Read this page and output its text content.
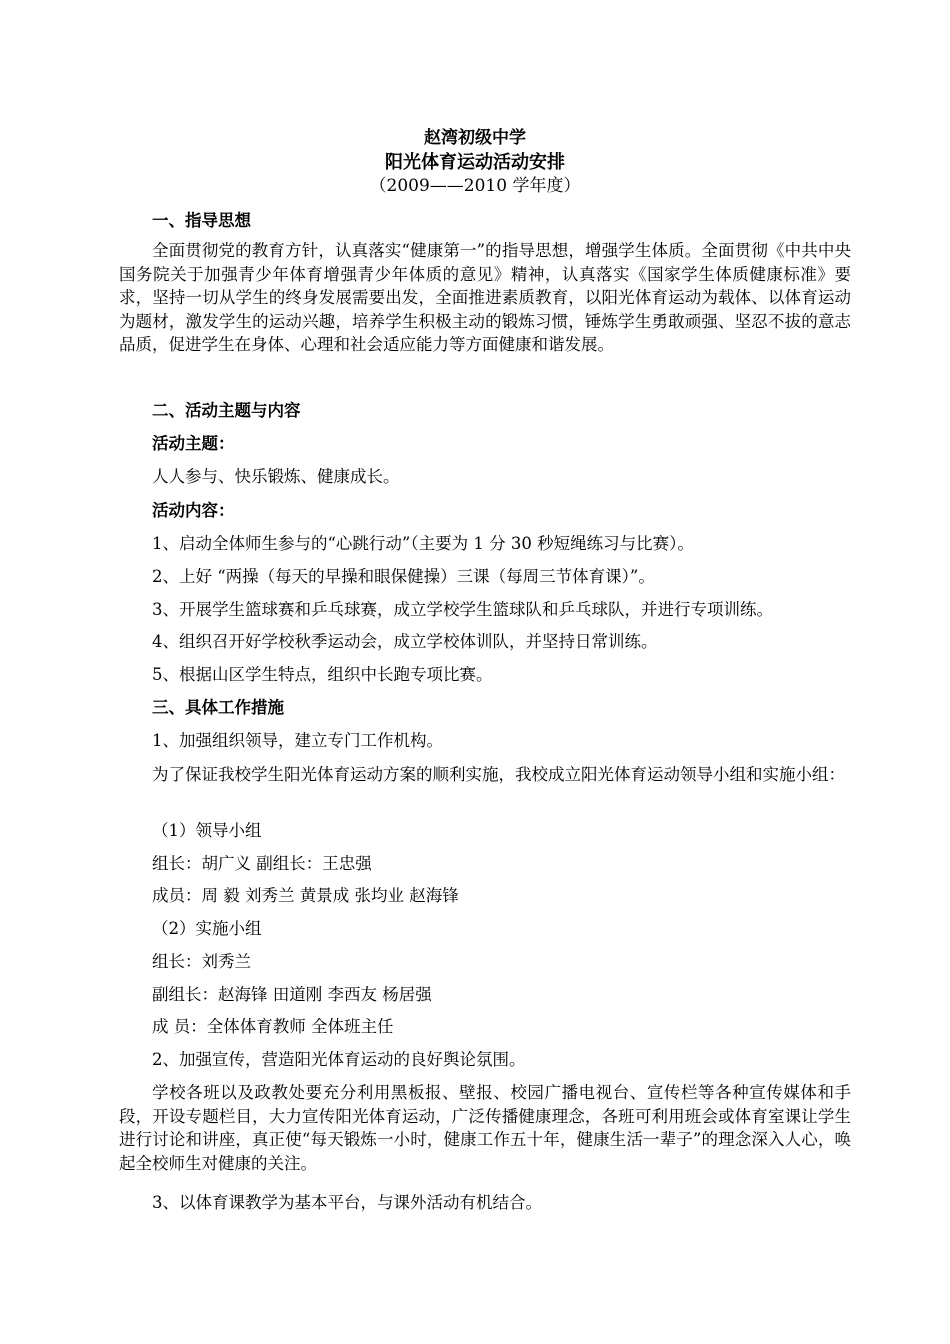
赵湾初级中学
阳光体育运动活动安排
（2009——2010 学年度）
一、指导思想
全面贯彻党的教育方针，认真落实“健康第一”的指导思想，增强学生体质。全面贯彻《中共中央国务院关于加强青少年体育增强青少年体质的意见》精神，认真落实《国家学生体质健康标准》要求，坚持一切从学生的终身发展需要出发，全面推进素质教育，以阳光体育运动为载体、以体育运动为题材，激发学生的运动兴趣，培养学生积极主动的锻炼习惯，锤炼学生勇敢顽强、坚忍不拔的意志品质，促进学生在身体、心理和社会适应能力等方面健康和谐发展。
二、活动主题与内容
活动主题：
人人参与、快乐锻炼、健康成长。
活动内容：
1、启动全体师生参与的“心跳行动”（主要为 1 分 30 秒短绳练习与比赛）。
2、上好 “两操（每天的早操和眼保健操）三课（每周三节体育课）”。
3、开展学生篮球赛和乒乓球赛，成立学校学生篮球队和乒乓球队，并进行专项训练。
4、组织召开好学校秋季运动会，成立学校体训队，并坚持日常训练。
5、根据山区学生特点，组织中长跑专项比赛。
三、具体工作措施
1、加强组织领导，建立专门工作机构。
为了保证我校学生阳光体育运动方案的顺利实施，我校成立阳光体育运动领导小组和实施小组：
（1）领导小组
组长：胡广义 副组长：王忠强
成员：周 毅 刘秀兰 黄景成 张均业 赵海锋
（2）实施小组
组长：刘秀兰
副组长：赵海锋 田道刚 李西友 杨居强
成 员：全体体育教师 全体班主任
2、加强宣传，营造阳光体育运动的良好舆论氛围。
学校各班以及政教处要充分利用黑板报、壁报、校园广播电视台、宣传栏等各种宣传媒体和手段，开设专题栏目，大力宣传阳光体育运动，广泛传播健康理念，各班可利用班会或体育室课让学生进行讨论和讲座，真正使“每天锻炼一小时，健康工作五十年，健康生活一辈子”的理念深入人心，唤起全校师生对健康的关注。
3、以体育课教学为基本平台，与课外活动有机结合。
